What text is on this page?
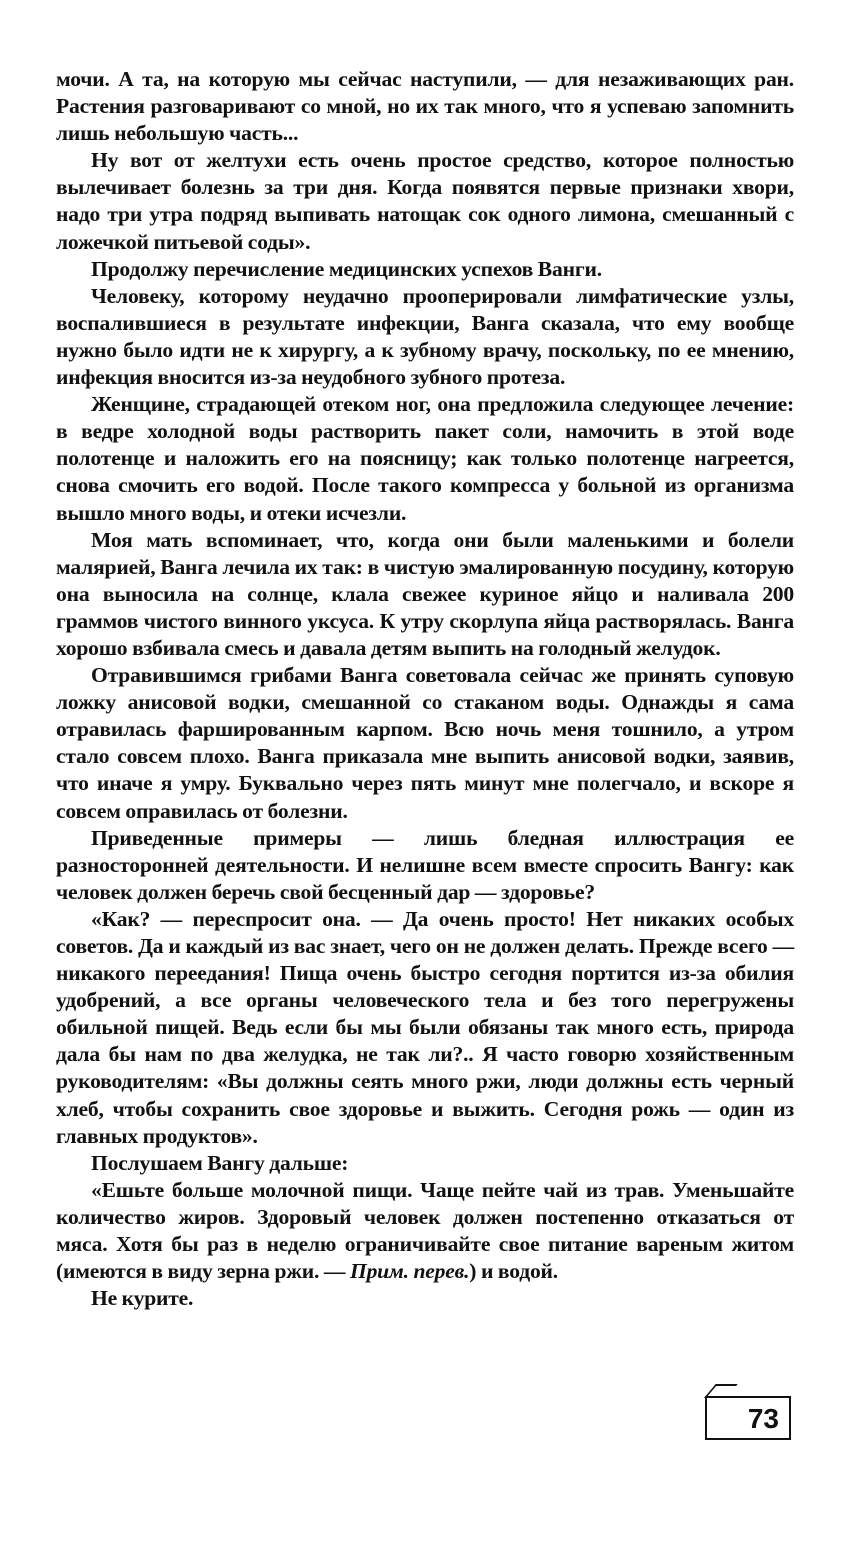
мочи. А та, на которую мы сейчас наступили, — для незаживающих ран. Растения разговаривают со мной, но их так много, что я успеваю запомнить лишь небольшую часть...

Ну вот от желтухи есть очень простое средство, которое полностью вылечивает болезнь за три дня. Когда появятся первые признаки хвори, надо три утра подряд выпивать натощак сок одного лимона, смешанный с ложечкой питьевой соды».

Продолжу перечисление медицинских успехов Ванги.

Человеку, которому неудачно прооперировали лимфатические узлы, воспалившиеся в результате инфекции, Ванга сказала, что ему вообще нужно было идти не к хирургу, а к зубному врачу, поскольку, по ее мнению, инфекция вносится из-за неудобного зубного протеза.

Женщине, страдающей отеком ног, она предложила следующее лечение: в ведре холодной воды растворить пакет соли, намочить в этой воде полотенце и наложить его на поясницу; как только полотенце нагреется, снова смочить его водой. После такого компресса у больной из организма вышло много воды, и отеки исчезли.

Моя мать вспоминает, что, когда они были маленькими и болели малярией, Ванга лечила их так: в чистую эмалированную посудину, которую она выносила на солнце, клала свежее куриное яйцо и наливала 200 граммов чистого винного уксуса. К утру скорлупа яйца растворялась. Ванга хорошо взбивала смесь и давала детям выпить на голодный желудок.

Отравившимся грибами Ванга советовала сейчас же принять суповую ложку анисовой водки, смешанной со стаканом воды. Однажды я сама отравилась фаршированным карпом. Всю ночь меня тошнило, а утром стало совсем плохо. Ванга приказала мне выпить анисовой водки, заявив, что иначе я умру. Буквально через пять минут мне полегчало, и вскоре я совсем оправилась от болезни.

Приведенные примеры — лишь бледная иллюстрация ее разносторонней деятельности. И нелишне всем вместе спросить Вангу: как человек должен беречь свой бесценный дар — здоровье?

«Как? — переспросит она. — Да очень просто! Нет никаких особых советов. Да и каждый из вас знает, чего он не должен делать. Прежде всего — никакого переедания! Пища очень быстро сегодня портится из-за обилия удобрений, а все органы человеческого тела и без того перегружены обильной пищей. Ведь если бы мы были обязаны так много есть, природа дала бы нам по два желудка, не так ли?.. Я часто говорю хозяйственным руководителям: «Вы должны сеять много ржи, люди должны есть черный хлеб, чтобы сохранить свое здоровье и выжить. Сегодня рожь — один из главных продуктов».

Послушаем Вангу дальше:

«Ешьте больше молочной пищи. Чаще пейте чай из трав. Уменьшайте количество жиров. Здоровый человек должен постепенно отказаться от мяса. Хотя бы раз в неделю ограничивайте свое питание вареным житом (имеются в виду зерна ржи. — Прим. перев.) и водой.

Не курите.

73
